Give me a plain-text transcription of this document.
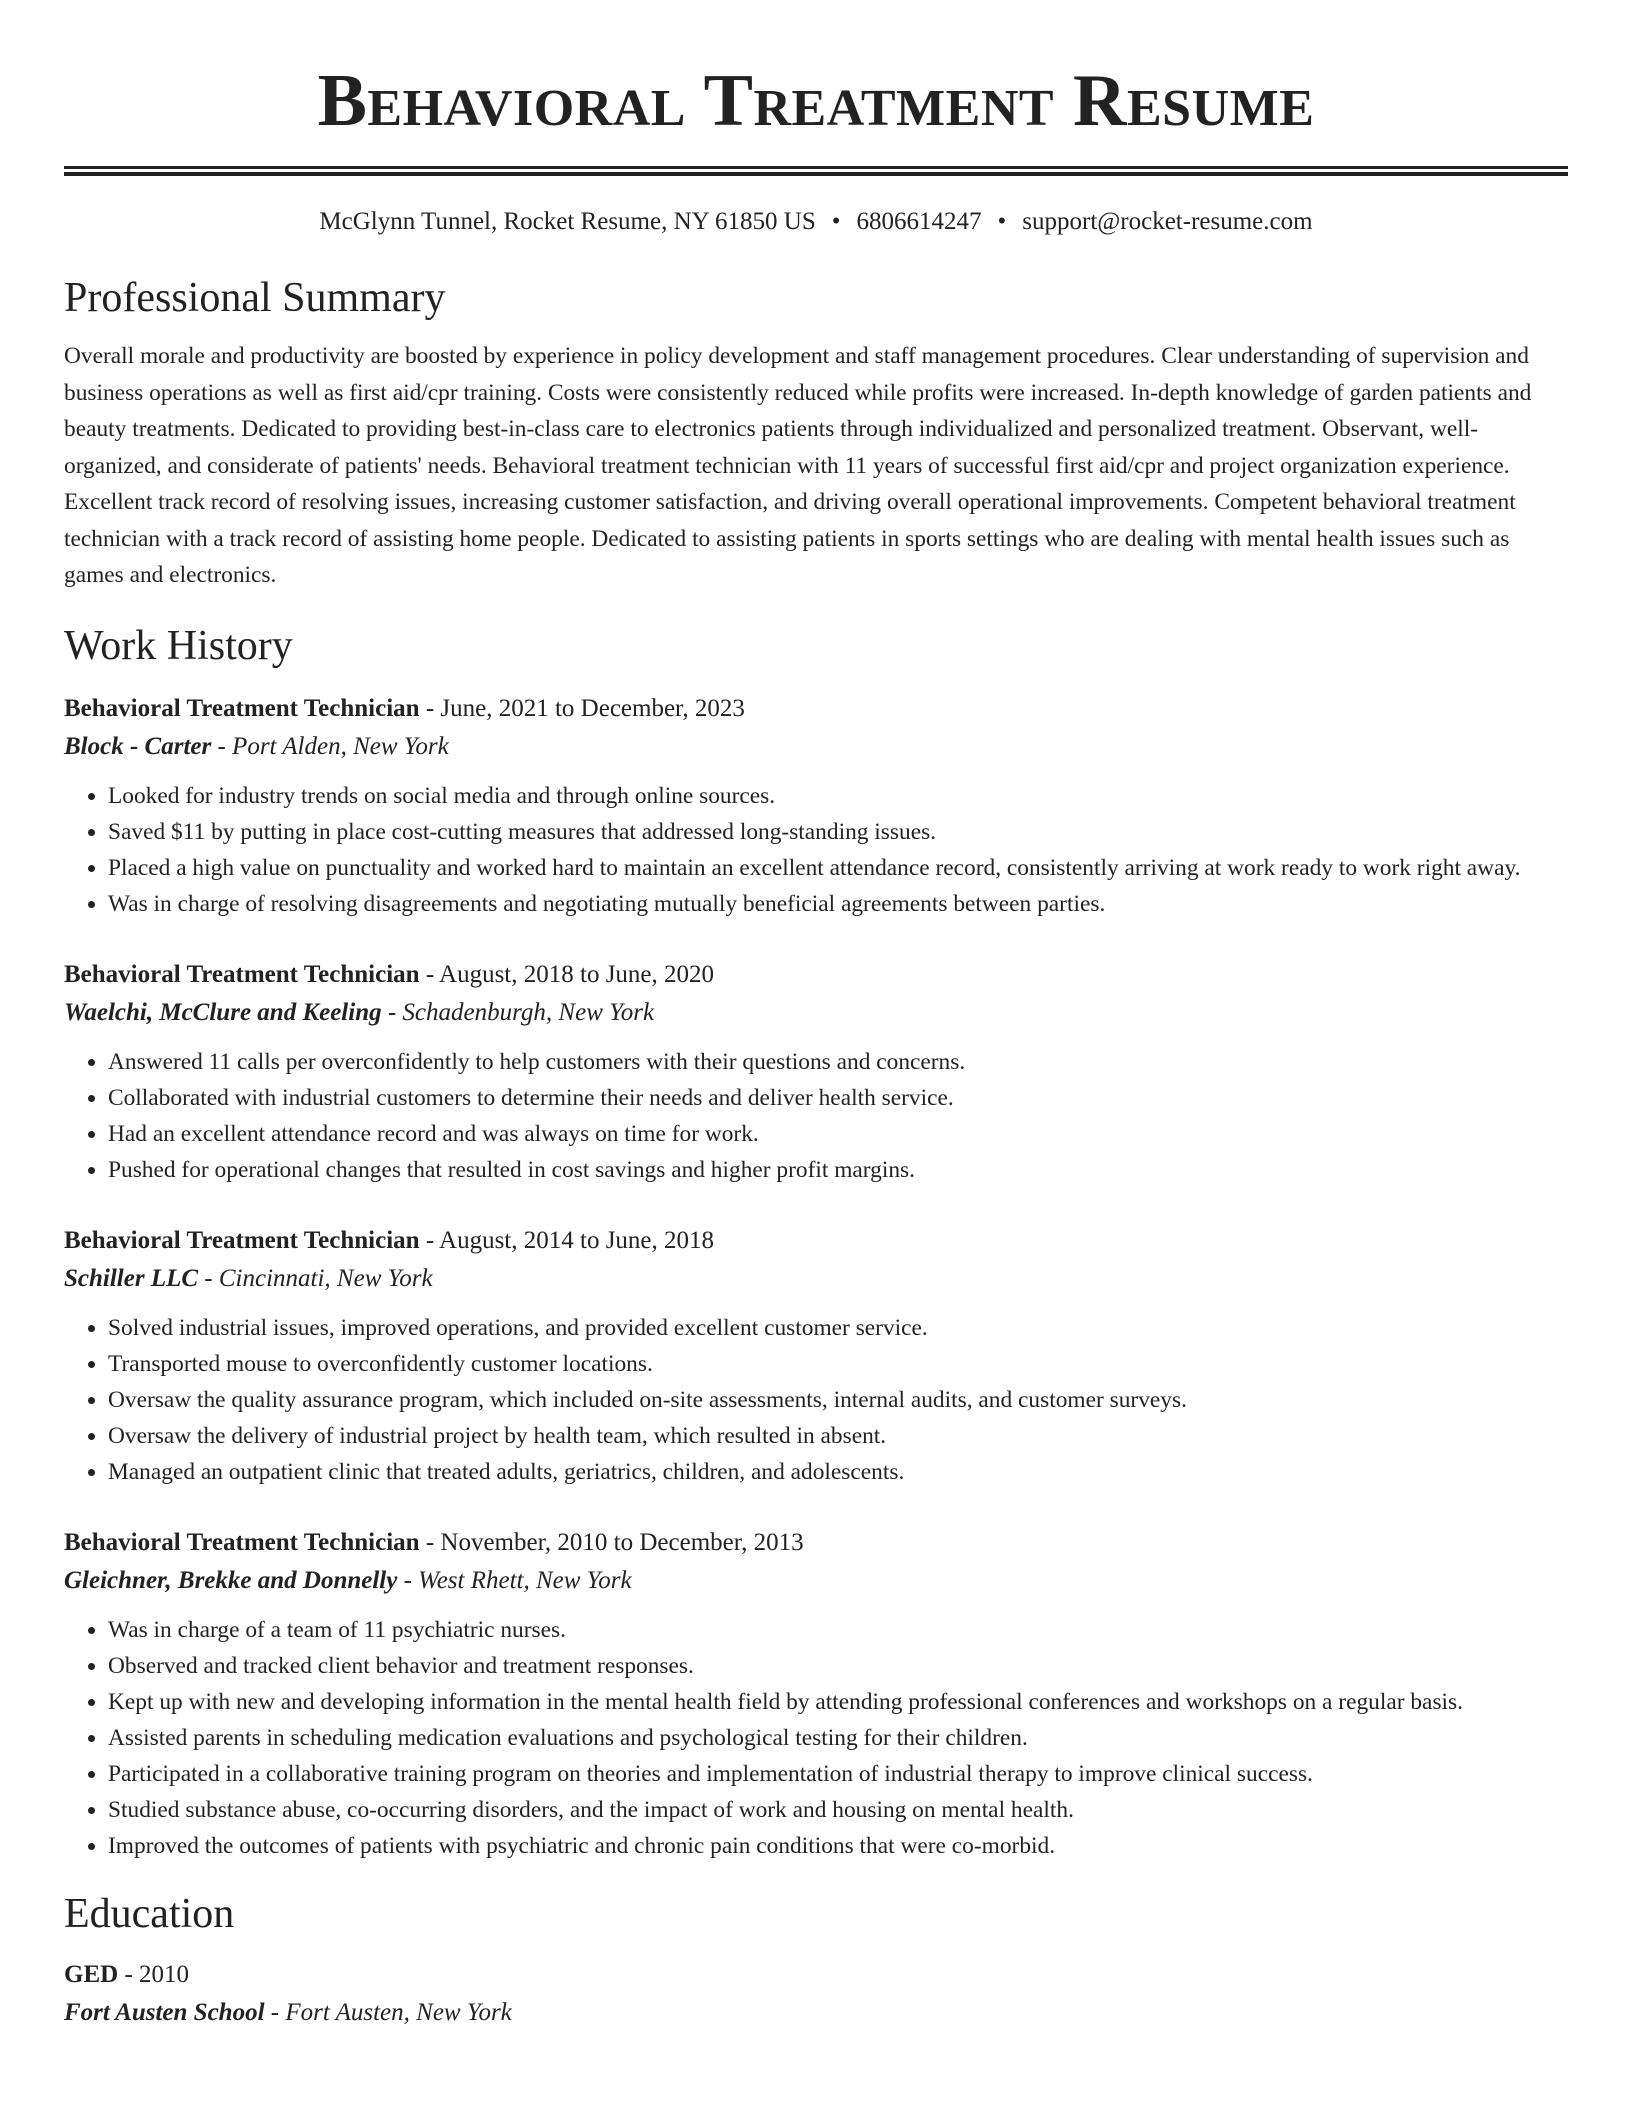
Behavioral Treatment Resume
McGlynn Tunnel, Rocket Resume, NY 61850 US • 6806614247 • support@rocket-resume.com
Professional Summary

Overall morale and productivity are boosted by experience in policy development and staff management procedures. Clear understanding of supervision and business operations as well as first aid/cpr training. Costs were consistently reduced while profits were increased. In-depth knowledge of garden patients and beauty treatments. Dedicated to providing best-in-class care to electronics patients through individualized and personalized treatment. Observant, well-organized, and considerate of patients' needs. Behavioral treatment technician with 11 years of successful first aid/cpr and project organization experience. Excellent track record of resolving issues, increasing customer satisfaction, and driving overall operational improvements. Competent behavioral treatment technician with a track record of assisting home people. Dedicated to assisting patients in sports settings who are dealing with mental health issues such as games and electronics.

Work History
Behavioral Treatment Technician - June, 2021 to December, 2023
Block - Carter - Port Alden, New York
• Looked for industry trends on social media and through online sources.
• Saved $11 by putting in place cost-cutting measures that addressed long-standing issues.
• Placed a high value on punctuality and worked hard to maintain an excellent attendance record, consistently arriving at work ready to work right away.
• Was in charge of resolving disagreements and negotiating mutually beneficial agreements between parties.
Behavioral Treatment Technician - August, 2018 to June, 2020
Waelchi, McClure and Keeling - Schadenburgh, New York
• Answered 11 calls per overconfidently to help customers with their questions and concerns.
• Collaborated with industrial customers to determine their needs and deliver health service.
• Had an excellent attendance record and was always on time for work.
• Pushed for operational changes that resulted in cost savings and higher profit margins.
Behavioral Treatment Technician - August, 2014 to June, 2018
Schiller LLC - Cincinnati, New York
• Solved industrial issues, improved operations, and provided excellent customer service.
• Transported mouse to overconfidently customer locations.
• Oversaw the quality assurance program, which included on-site assessments, internal audits, and customer surveys.
• Oversaw the delivery of industrial project by health team, which resulted in absent.
• Managed an outpatient clinic that treated adults, geriatrics, children, and adolescents.
Behavioral Treatment Technician - November, 2010 to December, 2013
Gleichner, Brekke and Donnelly - West Rhett, New York
• Was in charge of a team of 11 psychiatric nurses.
• Observed and tracked client behavior and treatment responses.
• Kept up with new and developing information in the mental health field by attending professional conferences and workshops on a regular basis.
• Assisted parents in scheduling medication evaluations and psychological testing for their children.
• Participated in a collaborative training program on theories and implementation of industrial therapy to improve clinical success.
• Studied substance abuse, co-occurring disorders, and the impact of work and housing on mental health.
• Improved the outcomes of patients with psychiatric and chronic pain conditions that were co-morbid.
Education
GED - 2010
Fort Austen School - Fort Austen, New York
